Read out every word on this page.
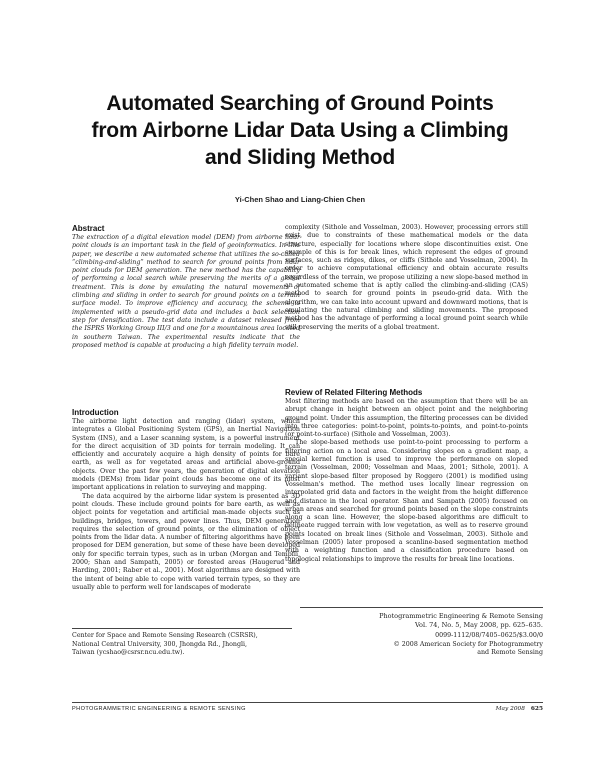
Automated Searching of Ground Points
from Airborne Lidar Data Using a Climbing
and Sliding Method
Yi-Chen Shao and Liang-Chien Chen

Abstract

The extraction of a digital elevation model (DEM) from airborne lidar point clouds is an important task in the field of geoinformatics. In this paper, we describe a new automated scheme that utilizes the so-called “climbing-and-sliding” method to search for ground points from lidar point clouds for DEM generation. The new method has the capability of performing a local search while preserving the merits of a global treatment. This is done by emulating the natural movements of climbing and sliding in order to search for ground points on a terrain surface model. To improve efficiency and accuracy, the scheme is implemented with a pseudo-grid data and includes a back selection step for densification. The test data include a dataset released from the ISPRS Working Group III/3 and one for a mountainous area located in southern Taiwan. The experimental results indicate that the proposed method is capable at producing a high fidelity terrain model.

Introduction

The airborne light detection and ranging (lidar) system, which integrates a Global Positioning System (GPS), an Inertial Navigation System (INS), and a Laser scanning system, is a powerful instrument for the direct acquisition of 3D points for terrain modeling. It can efficiently and accurately acquire a high density of points for bare earth, as well as for vegetated areas and artificial above-ground objects. Over the past few years, the generation of digital elevation models (DEMs) from lidar point clouds has become one of its most important applications in relation to surveying and mapping.

The data acquired by the airborne lidar system is presented as 3D point clouds. These include ground points for bare earth, as well as object points for vegetation and artificial man-made objects such as buildings, bridges, towers, and power lines. Thus, DEM generation requires the selection of ground points, or the elimination of object points from the lidar data. A number of filtering algorithms have been proposed for DEM generation, but some of these have been developed only for specific terrain types, such as in urban (Morgan and Tempfli, 2000; Shan and Sampath, 2005) or forested areas (Haugerud and Harding, 2001; Raber et al., 2001). Most algorithms are designed with the intent of being able to cope with varied terrain types, so they are usually able to perform well for landscapes of moderate

complexity (Sithole and Vosselman, 2003). However, processing errors still exist, due to constraints of these mathematical models or the data structure, especially for locations where slope discontinuities exist. One example of this is for break lines, which represent the edges of ground surfaces, such as ridges, dikes, or cliffs (Sithole and Vosselman, 2004). In order to achieve computational efficiency and obtain accurate results regardless of the terrain, we propose utilizing a new slope-based method in an automated scheme that is aptly called the climbing-and-sliding (CAS) method to search for ground points in pseudo-grid data. With the algorithm, we can take into account upward and downward motions, that is emulating the natural climbing and sliding movements. The proposed method has the advantage of performing a local ground point search while still preserving the merits of a global treatment.

Review of Related Filtering Methods

Most filtering methods are based on the assumption that there will be an abrupt change in height between an object point and the neighboring ground point. Under this assumption, the filtering processes can be divided into three categories: point-to-point, points-to-points, and point-to-points (or point-to-surface) (Sithole and Vosselman, 2003).

The slope-based methods use point-to-point processing to perform a filtering action on a local area. Considering slopes on a gradient map, a special kernel function is used to improve the performance on sloped terrain (Vosselman, 2000; Vosselman and Maas, 2001; Sithole, 2001). A variant slope-based filter proposed by Roggero (2001) is modified using Vosselman's method. The method uses locally linear regression on interpolated grid data and factors in the weight from the height difference and distance in the local operator. Shan and Sampath (2005) focused on urban areas and searched for ground points based on the slope constraints along a scan line. However, the slope-based algorithms are difficult to delineate rugged terrain with low vegetation, as well as to reserve ground points located on break lines (Sithole and Vosselman, 2003). Sithole and Vosselman (2005) later proposed a scanline-based segmentation method with a weighting function and a classification procedure based on topological relationships to improve the results for break line locations.

Photogrammetric Engineering & Remote Sensing
Vol. 74, No. 5, May 2008, pp. 625–635.
Center for Space and Remote Sensing Research (CSRSR),
National Central University, 300, Jhongda Rd., Jhongli,
Taiwan (ycshao@csrsr.ncu.edu.tw).
0099-1112/08/7405–0625/$3.00/0
© 2008 American Society for Photogrammetry
and Remote Sensing
PHOTOGRAMMETRIC ENGINEERING & REMOTE SENSING	May 2008 625
